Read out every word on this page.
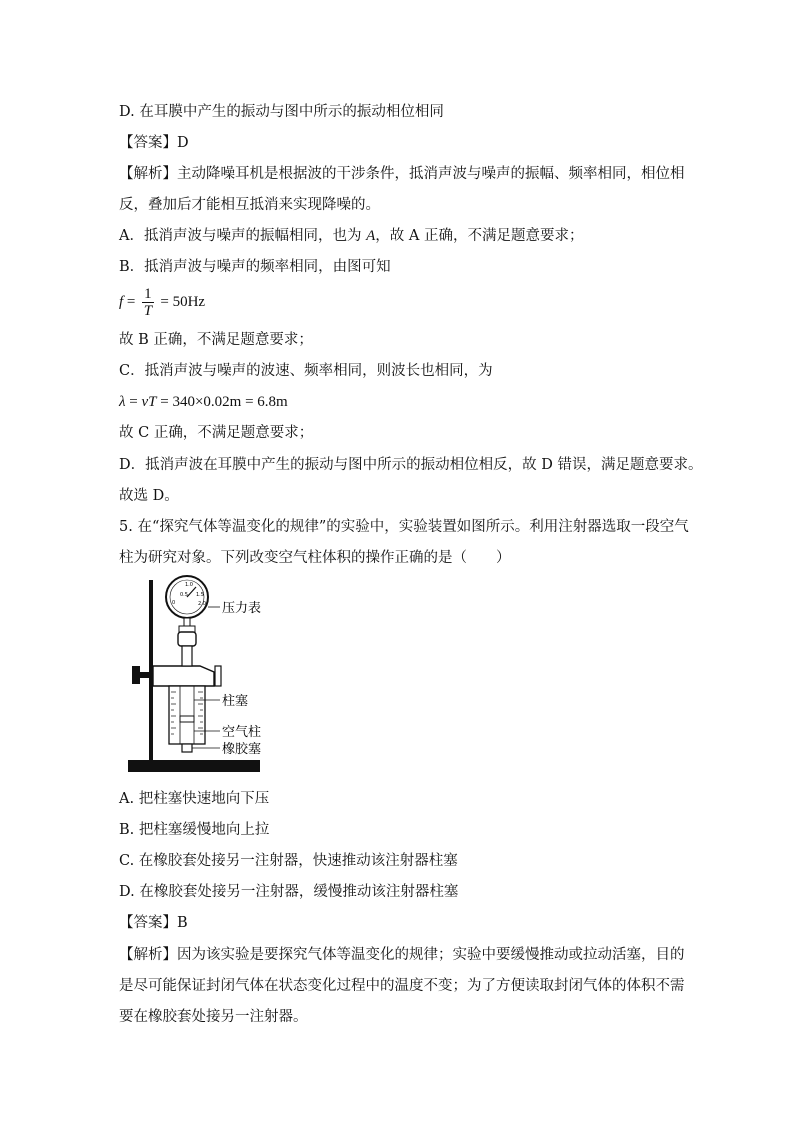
D. 在耳膜中产生的振动与图中所示的振动相位相同
【答案】D
【解析】主动降噪耳机是根据波的干涉条件，抵消声波与噪声的振幅、频率相同，相位相
反，叠加后才能相互抵消来实现降噪的。
A．抵消声波与噪声的振幅相同，也为 A，故 A 正确，不满足题意要求；
B．抵消声波与噪声的频率相同，由图可知
$f = \frac{1}{T} = 50Hz$
故 B 正确，不满足题意要求；
C．抵消声波与噪声的波速、频率相同，则波长也相同，为
λ = vT = 340×0.02m = 6.8m
故 C 正确，不满足题意要求；
D．抵消声波在耳膜中产生的振动与图中所示的振动相位相反，故 D 错误，满足题意要求。
故选 D。
5. 在“探究气体等温变化的规律”的实验中，实验装置如图所示。利用注射器选取一段空气
柱为研究对象。下列改变空气柱体积的操作正确的是（　　）
0.5
1.0
1.5
0	2.0 压力表
柱塞
空气柱
橡胶塞
A. 把柱塞快速地向下压
B. 把柱塞缓慢地向上拉
C. 在橡胶套处接另一注射器，快速推动该注射器柱塞
D. 在橡胶套处接另一注射器，缓慢推动该注射器柱塞
【答案】B
【解析】因为该实验是要探究气体等温变化的规律；实验中要缓慢推动或拉动活塞，目的
是尽可能保证封闭气体在状态变化过程中的温度不变；为了方便读取封闭气体的体积不需
要在橡胶套处接另一注射器。
